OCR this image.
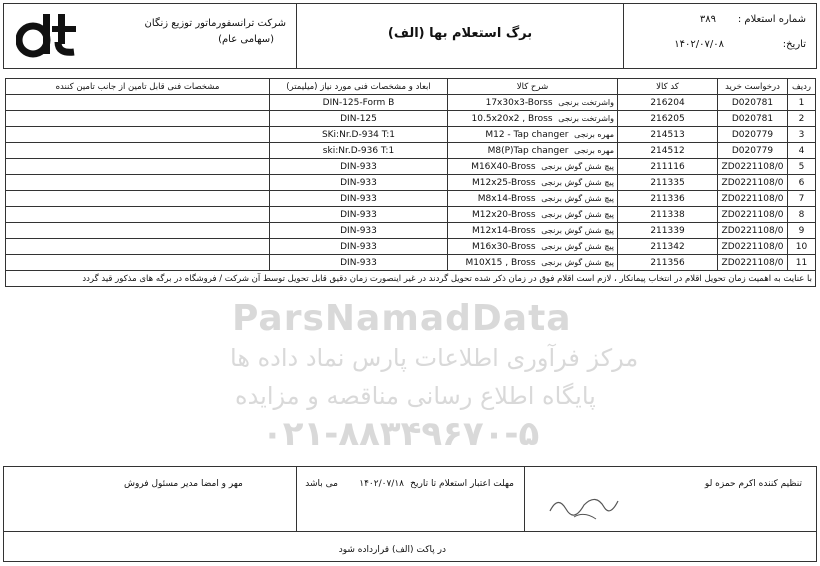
شرکت ترانسفورماتور توزیع زنگان
(سهامی عام)	برگ استعلام بها (الف)
شماره استعلام :
۳۸۹
تاریخ:
۱۴۰۲/۰۷/۰۸
ParsNamadData
مرکز فرآوری اطلاعات پارس نماد داده ها
پایگاه اطلاع رسانی مناقصه و مزایده
۰۲۱-۸۸۳۴۹۶۷۰-۵
ردیف	درخواست خرید	کد کالا	شرح کالا	ابعاد و مشخصات فنی مورد نیاز (میلیمتر)	مشخصات فنی قابل تامین از جانب تامین کننده
1	D020781	216204	واشرتخت برنجی  17x30x3-Borss	DIN-125-Form B	
2	D020781	216205	واشرتخت برنجی  10.5x20x2 , Bross	DIN-125	
3	D020779	214513	مهره برنجی  M12 - Tap changer	SKi:Nr.D-934 T:1	
4	D020779	214512	مهره برنجی  M8(P)Tap changer	ski:Nr.D-936 T:1	
5	ZD0221108/0	211116	پیچ شش گوش برنجی  M16X40-Bross	DIN-933	
6	ZD0221108/0	211335	پیچ شش گوش برنجی  M12x25-Bross	DIN-933	
7	ZD0221108/0	211336	پیچ شش گوش برنجی  M8x14-Bross	DIN-933	
8	ZD0221108/0	211338	پیچ شش گوش برنجی  M12x20-Bross	DIN-933	
9	ZD0221108/0	211339	پیچ شش گوش برنجی  M12x14-Bross	DIN-933	
10	ZD0221108/0	211342	پیچ شش گوش برنجی  M16x30-Bross	DIN-933	
11	ZD0221108/0	211356	پیچ شش گوش برنجی  M10X15 , Bross	DIN-933	
با عنایت به اهمیت زمان تحویل اقلام در انتخاب پیمانکار ، لازم است اقلام فوق در زمان ذکر شده تحویل گردند در غیر اینصورت زمان دقیق قابل تحویل توسط آن شرکت / فروشگاه در برگه های مذکور قید گردد					
تنظیم کننده اکرم حمزه لو
مهلت اعتبار استعلام تا تاریخ
۱۴۰۲/۰۷/۱۸
می باشد
مهر و امضا مدیر مسئول فروش
در پاکت (الف) قرارداده شود
